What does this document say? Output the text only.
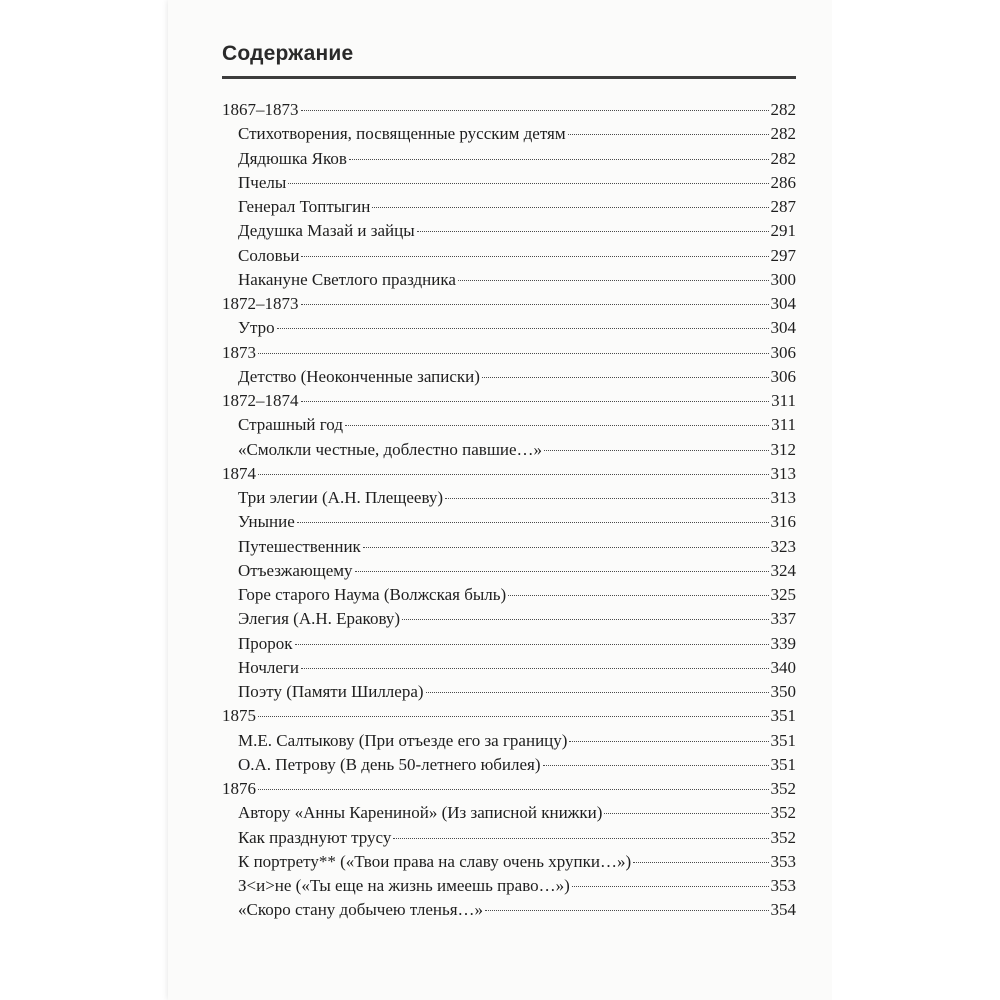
Содержание
1867–1873	282
Стихотворения, посвященные русским детям	282
Дядюшка Яков	282
Пчелы	286
Генерал Топтыгин	287
Дедушка Мазай и зайцы	291
Соловьи	297
Накануне Светлого праздника	300
1872–1873	304
Утро	304
1873	306
Детство (Неоконченные записки)	306
1872–1874	311
Страшный год	311
«Смолкли честные, доблестно павшие…»	312
1874	313
Три элегии (А.Н. Плещееву)	313
Уныние	316
Путешественник	323
Отъезжающему	324
Горе старого Наума (Волжская быль)	325
Элегия (А.Н. Еракову)	337
Пророк	339
Ночлеги	340
Поэту (Памяти Шиллера)	350
1875	351
М.Е. Салтыкову (При отъезде его за границу)	351
О.А. Петрову (В день 50-летнего юбилея)	351
1876	352
Автору «Анны Карениной» (Из записной книжки)	352
Как празднуют трусу	352
К портрету** («Твои права на славу очень хрупки…»)	353
З<и>не («Ты еще на жизнь имеешь право…»)	353
«Скоро стану добычею тленья…»	354
